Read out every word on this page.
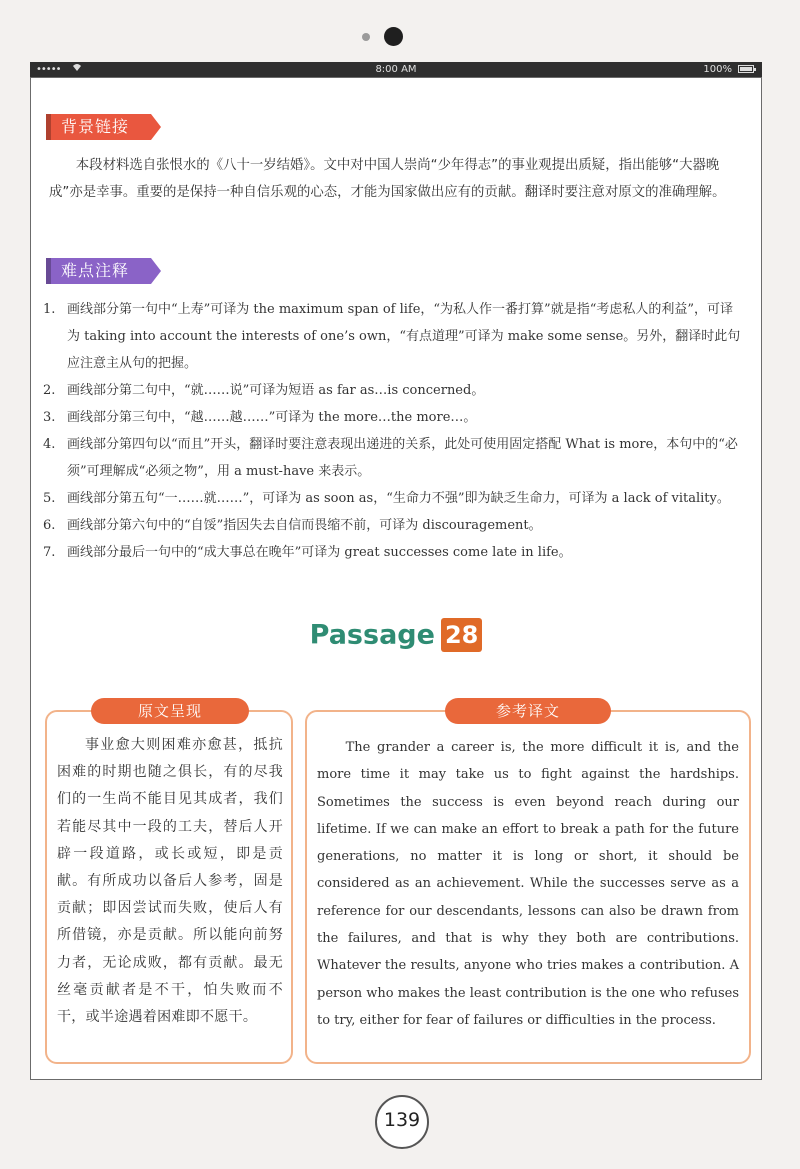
•••••	8:00 AM	100%
背景链接
本段材料选自张恨水的《八十一岁结婚》。文中对中国人崇尚“少年得志”的事业观提出质疑，指出能够“大器晚成”亦是幸事。重要的是保持一种自信乐观的心态，才能为国家做出应有的贡献。翻译时要注意对原文的准确理解。
难点注释
1. 画线部分第一句中“上寿”可译为 the maximum span of life，“为私人作一番打算”就是指“考虑私人的利益”，可译为 taking into account the interests of one’s own，“有点道理”可译为 make some sense。另外，翻译时此句应注意主从句的把握。
2. 画线部分第二句中，“就……说”可译为短语 as far as…is concerned。
3. 画线部分第三句中，“越……越……”可译为 the more…the more…。
4. 画线部分第四句以“而且”开头，翻译时要注意表现出递进的关系，此处可使用固定搭配 What is more，本句中的“必须”可理解成“必须之物”，用 a must-have 来表示。
5. 画线部分第五句“一……就……”，可译为 as soon as，“生命力不强”即为缺乏生命力，可译为 a lack of vitality。
6. 画线部分第六句中的“自馁”指因失去自信而畏缩不前，可译为 discouragement。
7. 画线部分最后一句中的“成大事总在晚年”可译为 great successes come late in life。
Passage 28
原文呈现
事业愈大则困难亦愈甚，抵抗困难的时期也随之俱长，有的尽我们的一生尚不能目见其成者，我们若能尽其中一段的工夫，替后人开辟一段道路，或长或短，即是贡献。有所成功以备后人参考，固是贡献；即因尝试而失败，使后人有所借镜，亦是贡献。所以能向前努力者，无论成败，都有贡献。最无丝毫贡献者是不干，怕失败而不干，或半途遇着困难即不愿干。
参考译文
The grander a career is, the more difficult it is, and the more time it may take us to fight against the hardships. Sometimes the success is even beyond reach during our lifetime. If we can make an effort to break a path for the future generations, no matter it is long or short, it should be considered as an achievement. While the successes serve as a reference for our descendants, lessons can also be drawn from the failures, and that is why they both are contributions. Whatever the results, anyone who tries makes a contribution. A person who makes the least contribution is the one who refuses to try, either for fear of failures or difficulties in the process.
139
